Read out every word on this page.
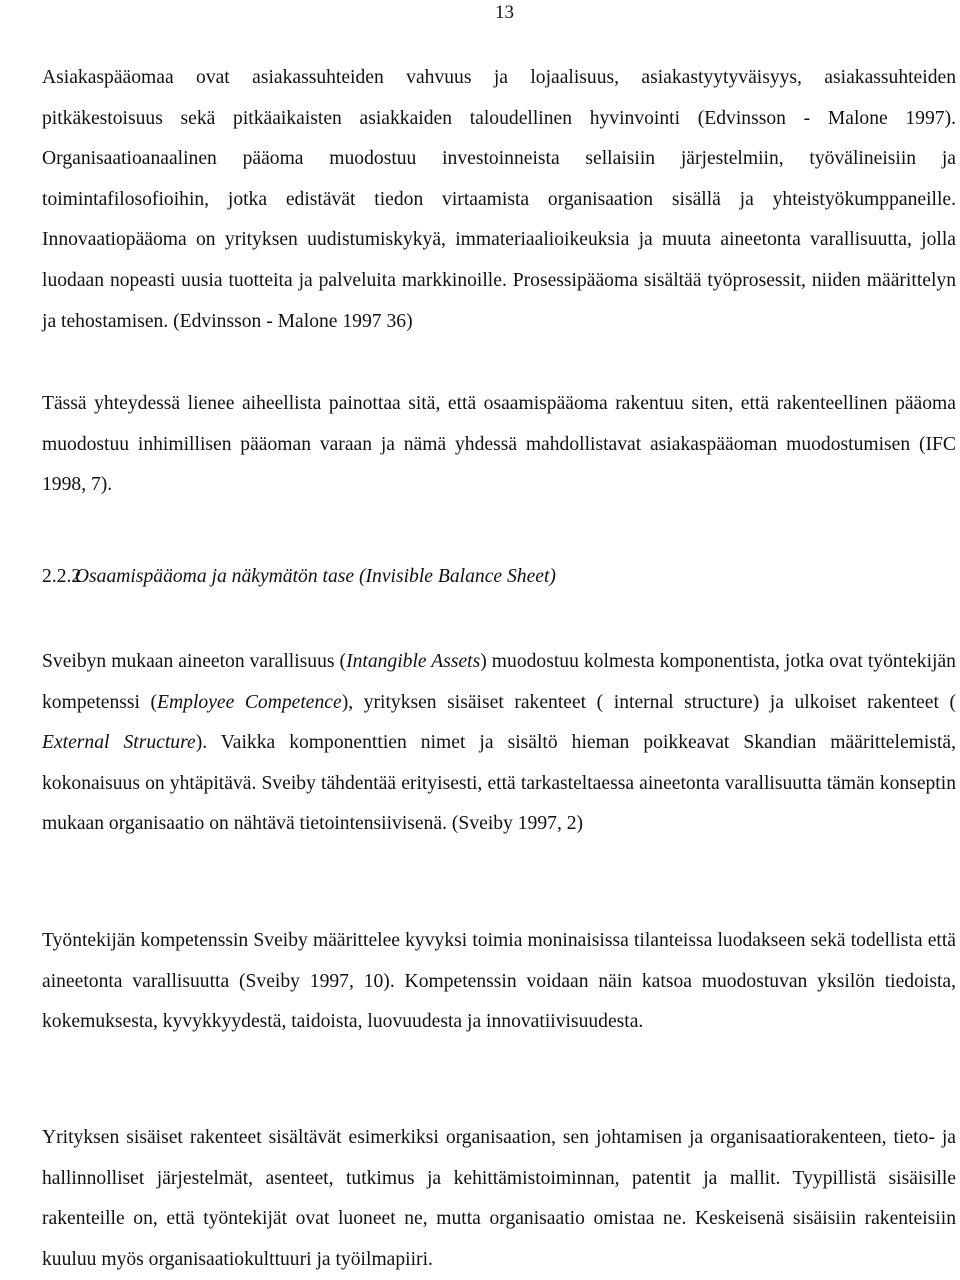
13

Asiakaspääomaa ovat asiakassuhteiden vahvuus ja lojaalisuus, asiakastyytyväisyys, asiakassuhteiden pitkäkestoisuus sekä pitkäaikaisten asiakkaiden taloudellinen hyvinvointi (Edvinsson - Malone 1997). Organisaatioanaalinen pääoma muodostuu investoinneista sellaisiin järjestelmiin, työvälineisiin ja toimintafilosofioihin, jotka edistävät tiedon virtaamista organisaation sisällä ja yhteistyökumppaneille. Innovaatiopääoma on yrityksen uudistumiskykyä, immateriaalioikeuksia ja muuta aineetonta varallisuutta, jolla luodaan nopeasti uusia tuotteita ja palveluita markkinoille. Prosessipääoma sisältää työprosessit, niiden määrittelyn ja tehostamisen. (Edvinsson - Malone 1997 36)

Tässä yhteydessä lienee aiheellista painottaa sitä, että osaamispääoma rakentuu siten, että rakenteellinen pääoma muodostuu inhimillisen pääoman varaan ja nämä yhdessä mahdollistavat asiakaspääoman muodostumisen (IFC 1998, 7).

2.2.2 Osaamispääoma ja näkymätön tase (Invisible Balance Sheet)

Sveibyn mukaan aineeton varallisuus (Intangible Assets) muodostuu kolmesta komponentista, jotka ovat työntekijän kompetenssi (Employee Competence), yrityksen sisäiset rakenteet ( internal structure) ja ulkoiset rakenteet ( External Structure). Vaikka komponenttien nimet ja sisältö hieman poikkeavat Skandian määrittelemistä, kokonaisuus on yhtäpitävä. Sveiby tähdentää erityisesti, että tarkasteltaessa aineetonta varallisuutta tämän konseptin mukaan organisaatio on nähtävä tietointensiivisenä. (Sveiby 1997, 2)

Työntekijän kompetenssin Sveiby määrittelee kyvyksi toimia moninaisissa tilanteissa luodakseen sekä todellista että aineetonta varallisuutta (Sveiby 1997, 10). Kompetenssin voidaan näin katsoa muodostuvan yksilön tiedoista, kokemuksesta, kyvykkyydestä, taidoista, luovuudesta ja innovatiivisuudesta.

Yrityksen sisäiset rakenteet sisältävät esimerkiksi organisaation, sen johtamisen ja organisaatiorakenteen, tieto- ja hallinnolliset järjestelmät, asenteet, tutkimus ja kehittämistoiminnan, patentit ja mallit. Tyypillistä sisäisille rakenteille on, että työntekijät ovat luoneet ne, mutta organisaatio omistaa ne. Keskeisenä sisäisiin rakenteisiin kuuluu myös organisaatiokulttuuri ja työilmapiiri.
